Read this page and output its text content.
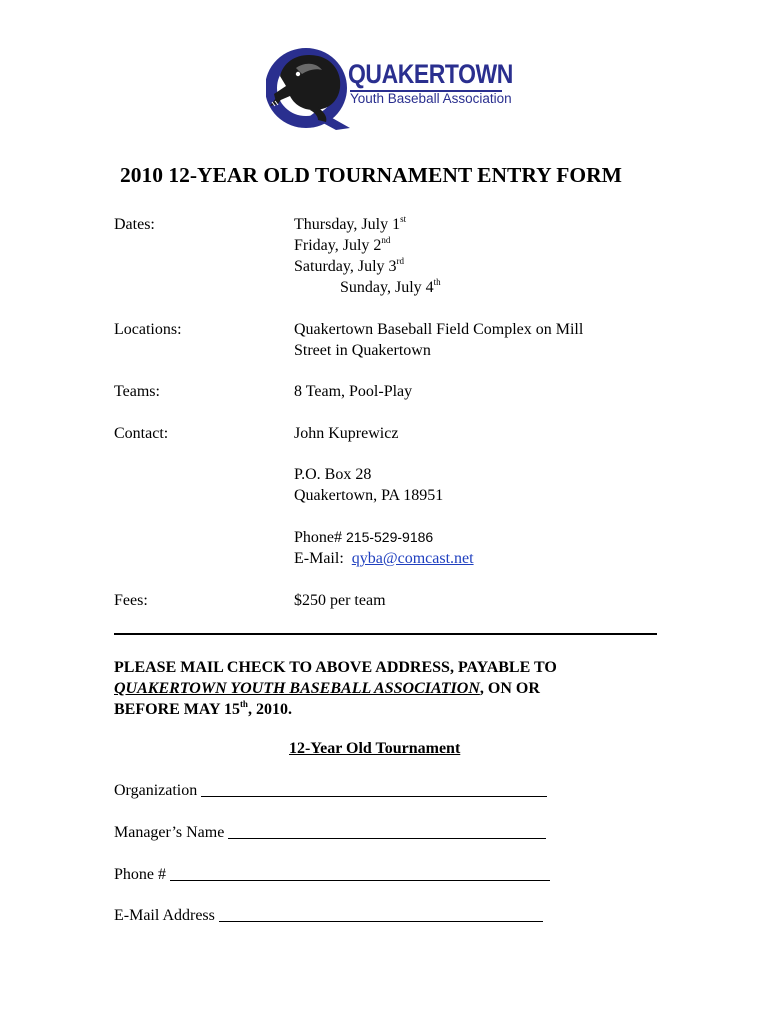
QUAKERTOWN
Youth Baseball Association
2010 12-YEAR OLD TOURNAMENT ENTRY FORM
Dates:	Thursday, July 1st
Friday, July 2nd
Saturday, July 3rd
Sunday, July 4th
Locations:	Quakertown Baseball Field Complex on Mill
Street in Quakertown
Teams:	8 Team, Pool-Play
Contact:	John Kuprewicz
P.O. Box 28
Quakertown, PA 18951
Phone# 215-529-9186
E-Mail: qyba@comcast.net
Fees:	$250 per team
PLEASE MAIL CHECK TO ABOVE ADDRESS, PAYABLE TO
QUAKERTOWN YOUTH BASEBALL ASSOCIATION, ON OR
BEFORE MAY 15th, 2010.
12-Year Old Tournament
Organization
Manager’s Name
Phone #
E-Mail Address
